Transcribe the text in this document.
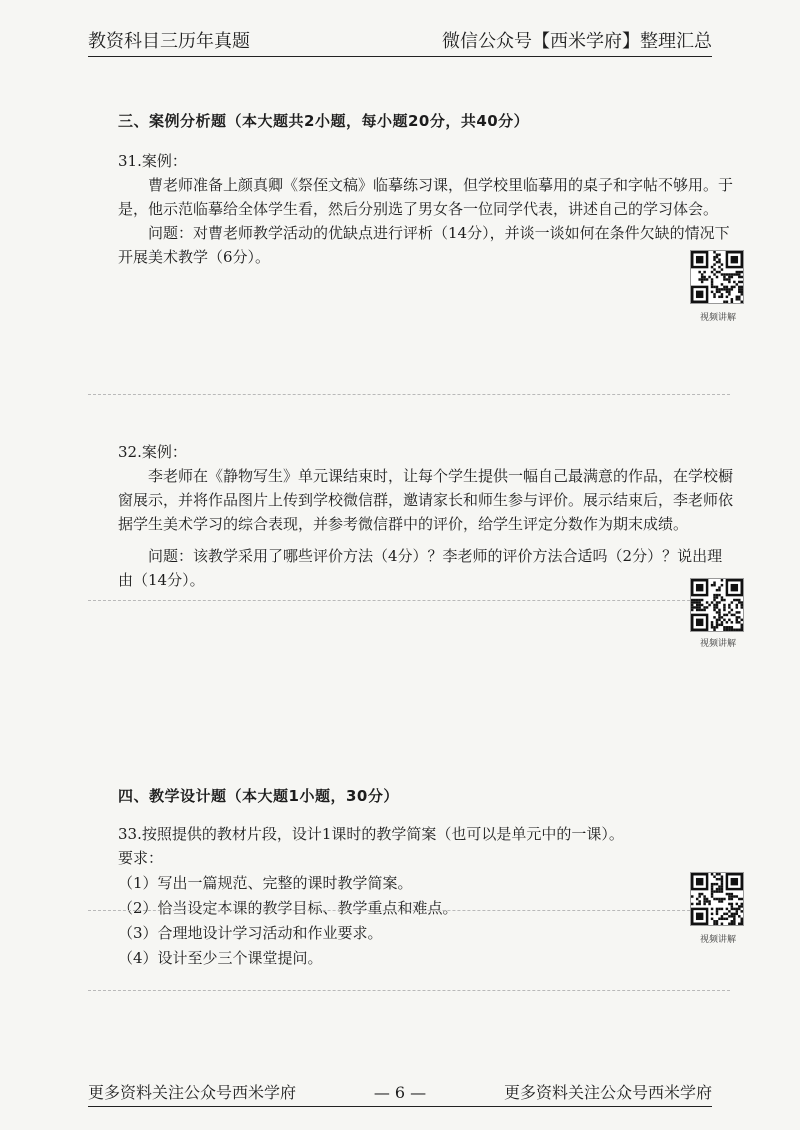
教资科目三历年真题	微信公众号【西米学府】整理汇总
三、案例分析题（本大题共2小题，每小题20分，共40分）
31.案例：
曹老师准备上颜真卿《祭侄文稿》临摹练习课，但学校里临摹用的桌子和字帖不够用。于是，他示范临摹给全体学生看，然后分别选了男女各一位同学代表，讲述自己的学习体会。
问题：对曹老师教学活动的优缺点进行评析（14分），并谈一谈如何在条件欠缺的情况下开展美术教学（6分）。
视频讲解
32.案例：
李老师在《静物写生》单元课结束时，让每个学生提供一幅自己最满意的作品，在学校橱窗展示，并将作品图片上传到学校微信群，邀请家长和师生参与评价。展示结束后，李老师依据学生美术学习的综合表现，并参考微信群中的评价，给学生评定分数作为期末成绩。
问题：该教学采用了哪些评价方法（4分）？李老师的评价方法合适吗（2分）？说出理由（14分）。
视频讲解
四、教学设计题（本大题1小题，30分）
33.按照提供的教材片段，设计1课时的教学简案（也可以是单元中的一课）。
要求：
（1）写出一篇规范、完整的课时教学简案。
（2）恰当设定本课的教学目标、教学重点和难点。
（3）合理地设计学习活动和作业要求。
（4）设计至少三个课堂提问。
视频讲解
更多资料关注公众号西米学府	— 6 —	更多资料关注公众号西米学府
